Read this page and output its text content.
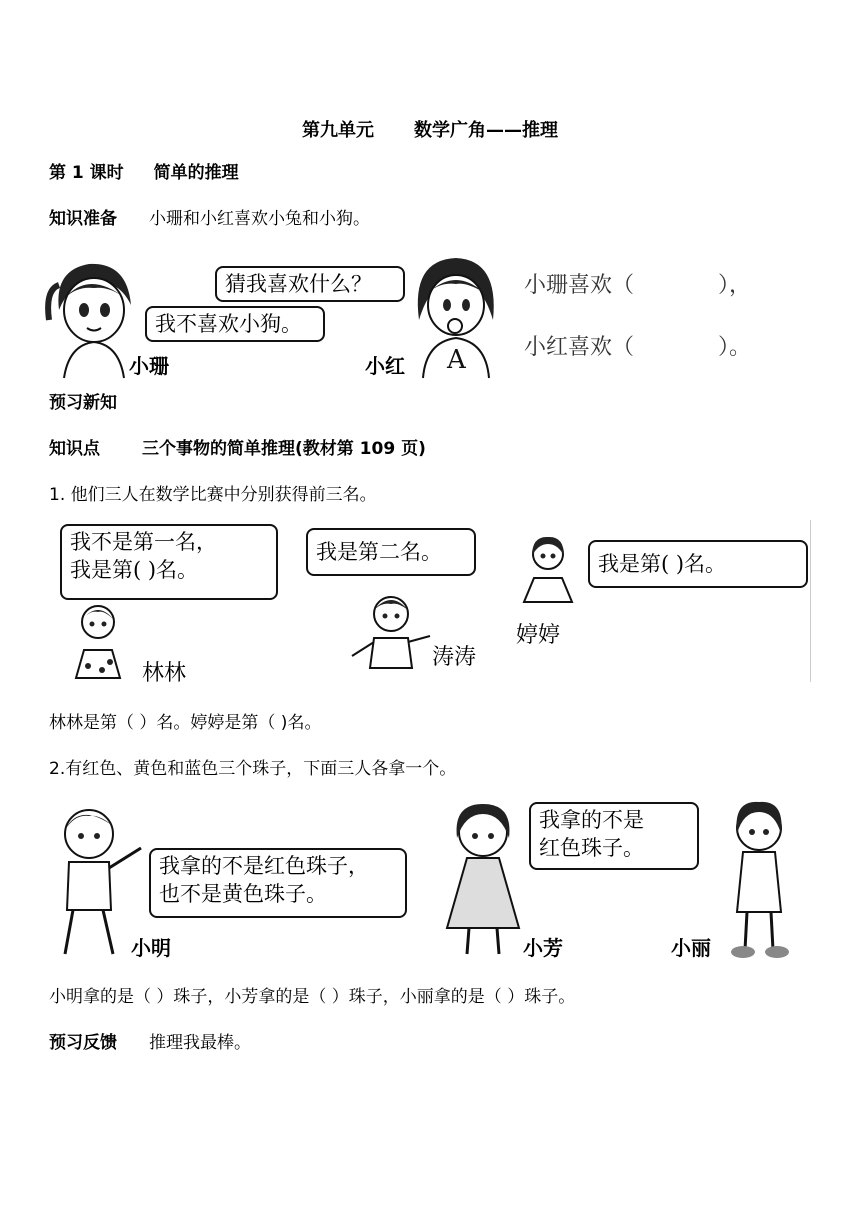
第九单元 数学广角——推理
第 1 课时 简单的推理
知识准备 小珊和小红喜欢小兔和小狗。
我不喜欢小狗。
猜我喜欢什么？
小珊	小红 A
小珊喜欢（	），
小红喜欢（	）。
预习新知
知识点 三个事物的简单推理(教材第 109 页)
1. 他们三人在数学比赛中分别获得前三名。
我不是第一名，
我是第( )名。
我是第二名。	我是第( )名。
林林
涛涛
婷婷
林林是第（ ）名。婷婷是第（ )名。
2.有红色、黄色和蓝色三个珠子，下面三人各拿一个。
我拿的不是红色珠子，
也不是黄色珠子。
小明
我拿的不是
红色珠子。
小芳	小丽
小明拿的是（ ）珠子，小芳拿的是（ ）珠子，小丽拿的是（ ）珠子。
预习反馈 推理我最棒。
